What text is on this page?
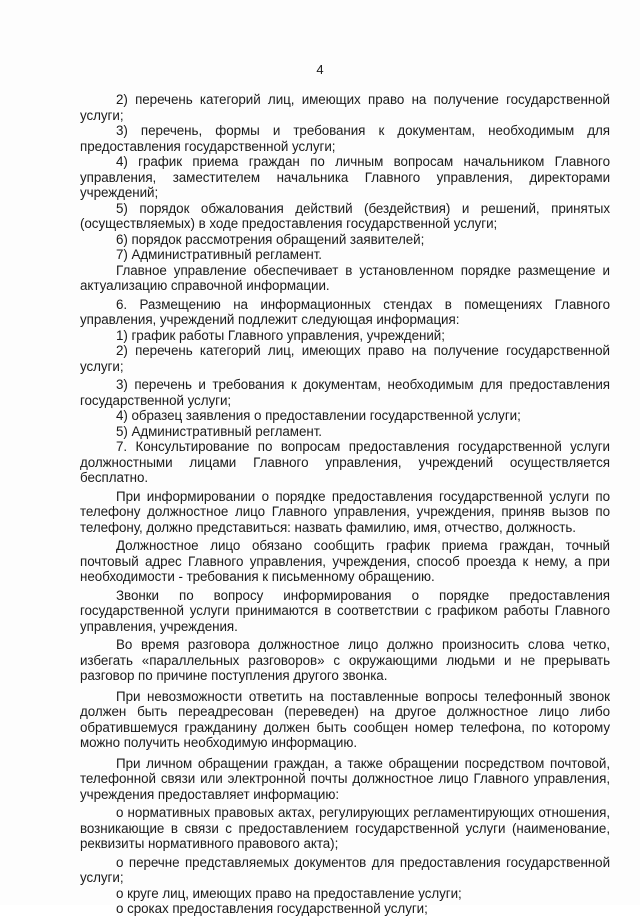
4

2) перечень категорий лиц, имеющих право на получение государственной услуги;

3) перечень, формы и требования к документам, необходимым для предоставления государственной услуги;

4) график приема граждан по личным вопросам начальником Главного управления, заместителем начальника Главного управления, директорами учреждений;

5) порядок обжалования действий (бездействия) и решений, принятых (осуществляемых) в ходе предоставления государственной услуги;

6) порядок рассмотрения обращений заявителей;

7) Административный регламент.

Главное управление обеспечивает в установленном порядке размещение и актуализацию справочной информации.

6. Размещению на информационных стендах в помещениях Главного управления, учреждений подлежит следующая информация:

1) график работы Главного управления, учреждений;

2) перечень категорий лиц, имеющих право на получение государственной услуги;

3) перечень и требования к документам, необходимым для предоставления государственной услуги;

4) образец заявления о предоставлении государственной услуги;

5) Административный регламент.

7. Консультирование по вопросам предоставления государственной услуги должностными лицами Главного управления, учреждений осуществляется бесплатно.

При информировании о порядке предоставления государственной услуги по телефону должностное лицо Главного управления, учреждения, приняв вызов по телефону, должно представиться: назвать фамилию, имя, отчество, должность.

Должностное лицо обязано сообщить график приема граждан, точный почтовый адрес Главного управления, учреждения, способ проезда к нему, а при необходимости - требования к письменному обращению.

Звонки по вопросу информирования о порядке предоставления государственной услуги принимаются в соответствии с графиком работы Главного управления, учреждения.

Во время разговора должностное лицо должно произносить слова четко, избегать «параллельных разговоров» с окружающими людьми и не прерывать разговор по причине поступления другого звонка.

При невозможности ответить на поставленные вопросы телефонный звонок должен быть переадресован (переведен) на другое должностное лицо либо обратившемуся гражданину должен быть сообщен номер телефона, по которому можно получить необходимую информацию.

При личном обращении граждан, а также обращении посредством почтовой, телефонной связи или электронной почты должностное лицо Главного управления, учреждения предоставляет информацию:

о нормативных правовых актах, регулирующих регламентирующих отношения, возникающие в связи с предоставлением государственной услуги (наименование, реквизиты нормативного правового акта);

о перечне представляемых документов для предоставления государственной услуги;

о круге лиц, имеющих право на предоставление услуги;

о сроках предоставления государственной услуги;
